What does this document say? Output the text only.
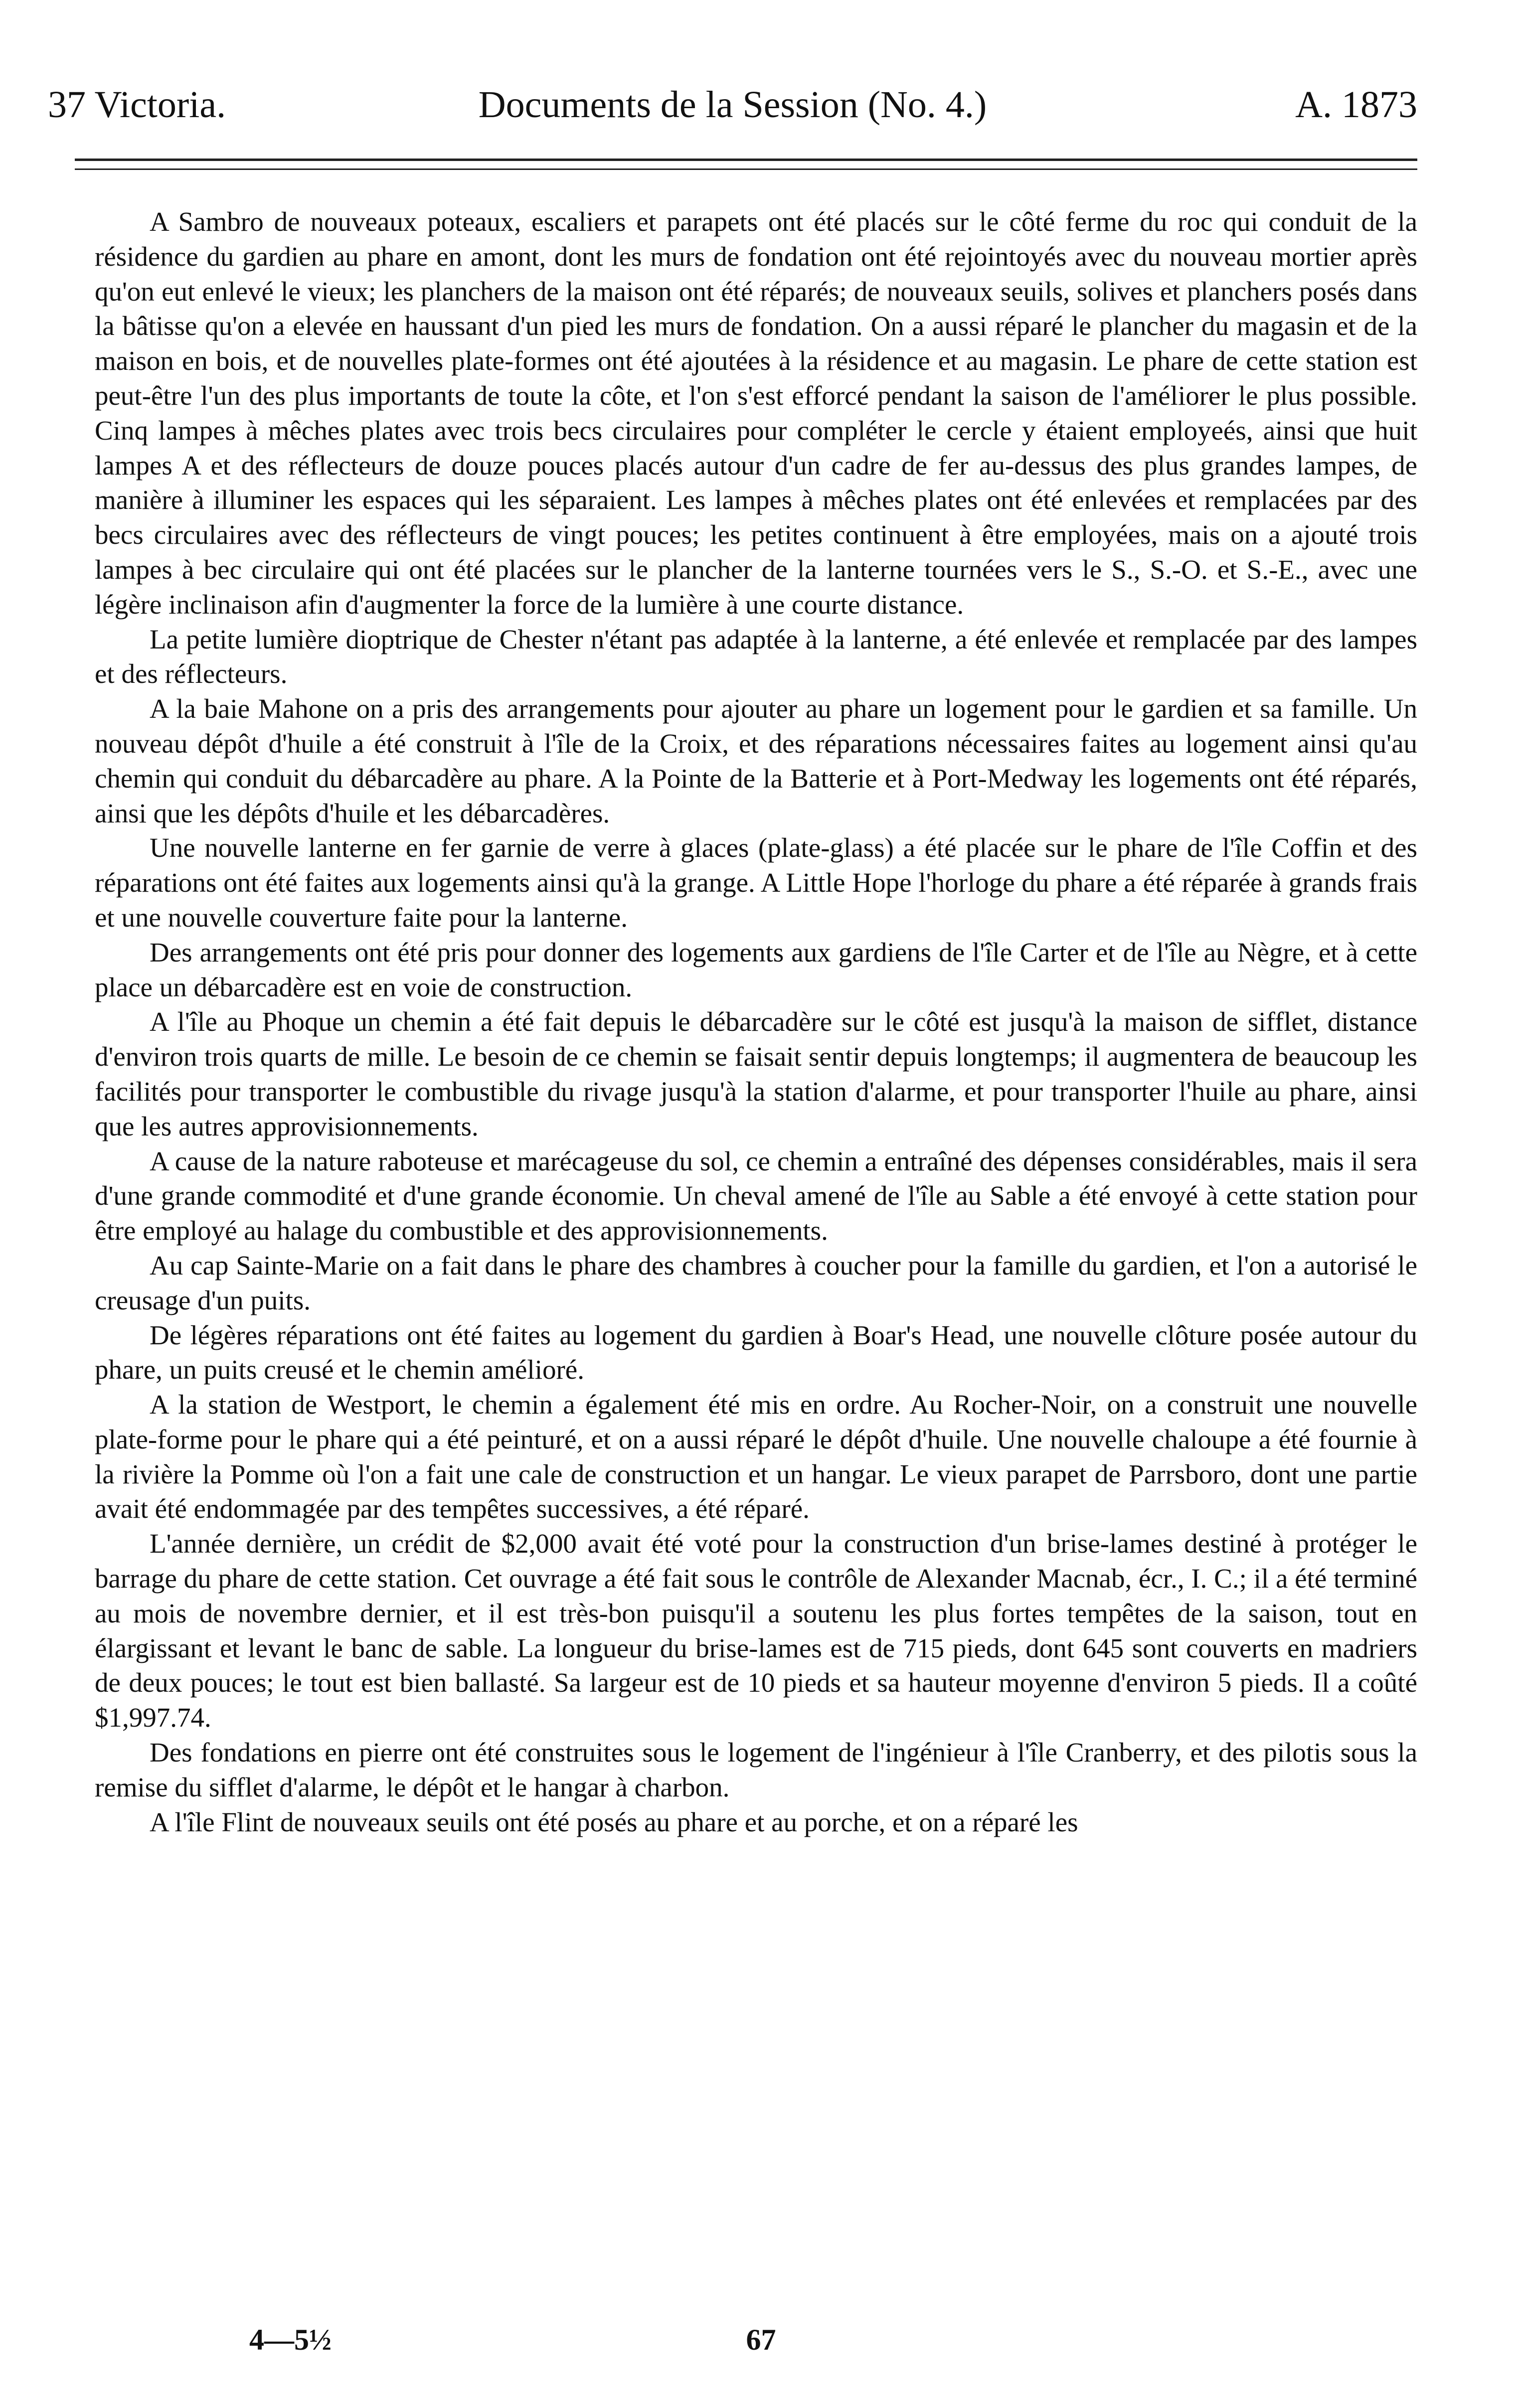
37 Victoria.	Documents de la Session (No. 4.)	A. 1873

A Sambro de nouveaux poteaux, escaliers et parapets ont été placés sur le côté ferme du roc qui conduit de la résidence du gardien au phare en amont, dont les murs de fondation ont été rejointoyés avec du nouveau mortier après qu'on eut enlevé le vieux; les planchers de la maison ont été réparés; de nouveaux seuils, solives et planchers posés dans la bâtisse qu'on a elevée en haussant d'un pied les murs de fondation. On a aussi réparé le plancher du magasin et de la maison en bois, et de nouvelles plate-formes ont été ajoutées à la résidence et au magasin. Le phare de cette station est peut-être l'un des plus importants de toute la côte, et l'on s'est efforcé pendant la saison de l'améliorer le plus possible. Cinq lampes à mêches plates avec trois becs circulaires pour compléter le cercle y étaient employeés, ainsi que huit lampes A et des réflecteurs de douze pouces placés autour d'un cadre de fer au-dessus des plus grandes lampes, de manière à illuminer les espaces qui les séparaient. Les lampes à mêches plates ont été enlevées et remplacées par des becs circulaires avec des réflecteurs de vingt pouces; les petites continuent à être employées, mais on a ajouté trois lampes à bec circulaire qui ont été placées sur le plancher de la lanterne tournées vers le S., S.-O. et S.-E., avec une légère inclinaison afin d'augmenter la force de la lumière à une courte distance.

La petite lumière dioptrique de Chester n'étant pas adaptée à la lanterne, a été enlevée et remplacée par des lampes et des réflecteurs.

A la baie Mahone on a pris des arrangements pour ajouter au phare un logement pour le gardien et sa famille. Un nouveau dépôt d'huile a été construit à l'île de la Croix, et des réparations nécessaires faites au logement ainsi qu'au chemin qui conduit du débarcadère au phare. A la Pointe de la Batterie et à Port-Medway les logements ont été réparés, ainsi que les dépôts d'huile et les débarcadères.

Une nouvelle lanterne en fer garnie de verre à glaces (plate-glass) a été placée sur le phare de l'île Coffin et des réparations ont été faites aux logements ainsi qu'à la grange. A Little Hope l'horloge du phare a été réparée à grands frais et une nouvelle couverture faite pour la lanterne.

Des arrangements ont été pris pour donner des logements aux gardiens de l'île Carter et de l'île au Nègre, et à cette place un débarcadère est en voie de construction.

A l'île au Phoque un chemin a été fait depuis le débarcadère sur le côté est jusqu'à la maison de sifflet, distance d'environ trois quarts de mille. Le besoin de ce chemin se faisait sentir depuis longtemps; il augmentera de beaucoup les facilités pour transporter le combustible du rivage jusqu'à la station d'alarme, et pour transporter l'huile au phare, ainsi que les autres approvisionnements.

A cause de la nature raboteuse et marécageuse du sol, ce chemin a entraîné des dépenses considérables, mais il sera d'une grande commodité et d'une grande économie. Un cheval amené de l'île au Sable a été envoyé à cette station pour être employé au halage du combustible et des approvisionnements.

Au cap Sainte-Marie on a fait dans le phare des chambres à coucher pour la famille du gardien, et l'on a autorisé le creusage d'un puits.

De légères réparations ont été faites au logement du gardien à Boar's Head, une nouvelle clôture posée autour du phare, un puits creusé et le chemin amélioré.

A la station de Westport, le chemin a également été mis en ordre. Au Rocher-Noir, on a construit une nouvelle plate-forme pour le phare qui a été peinturé, et on a aussi réparé le dépôt d'huile. Une nouvelle chaloupe a été fournie à la rivière la Pomme où l'on a fait une cale de construction et un hangar. Le vieux parapet de Parrsboro, dont une partie avait été endommagée par des tempêtes successives, a été réparé.

L'année dernière, un crédit de $2,000 avait été voté pour la construction d'un brise-lames destiné à protéger le barrage du phare de cette station. Cet ouvrage a été fait sous le contrôle de Alexander Macnab, écr., I. C.; il a été terminé au mois de novembre dernier, et il est très-bon puisqu'il a soutenu les plus fortes tempêtes de la saison, tout en élargissant et levant le banc de sable. La longueur du brise-lames est de 715 pieds, dont 645 sont couverts en madriers de deux pouces; le tout est bien ballasté. Sa largeur est de 10 pieds et sa hauteur moyenne d'environ 5 pieds. Il a coûté $1,997.74.

Des fondations en pierre ont été construites sous le logement de l'ingénieur à l'île Cranberry, et des pilotis sous la remise du sifflet d'alarme, le dépôt et le hangar à charbon.

A l'île Flint de nouveaux seuils ont été posés au phare et au porche, et on a réparé les

4—5½	67
